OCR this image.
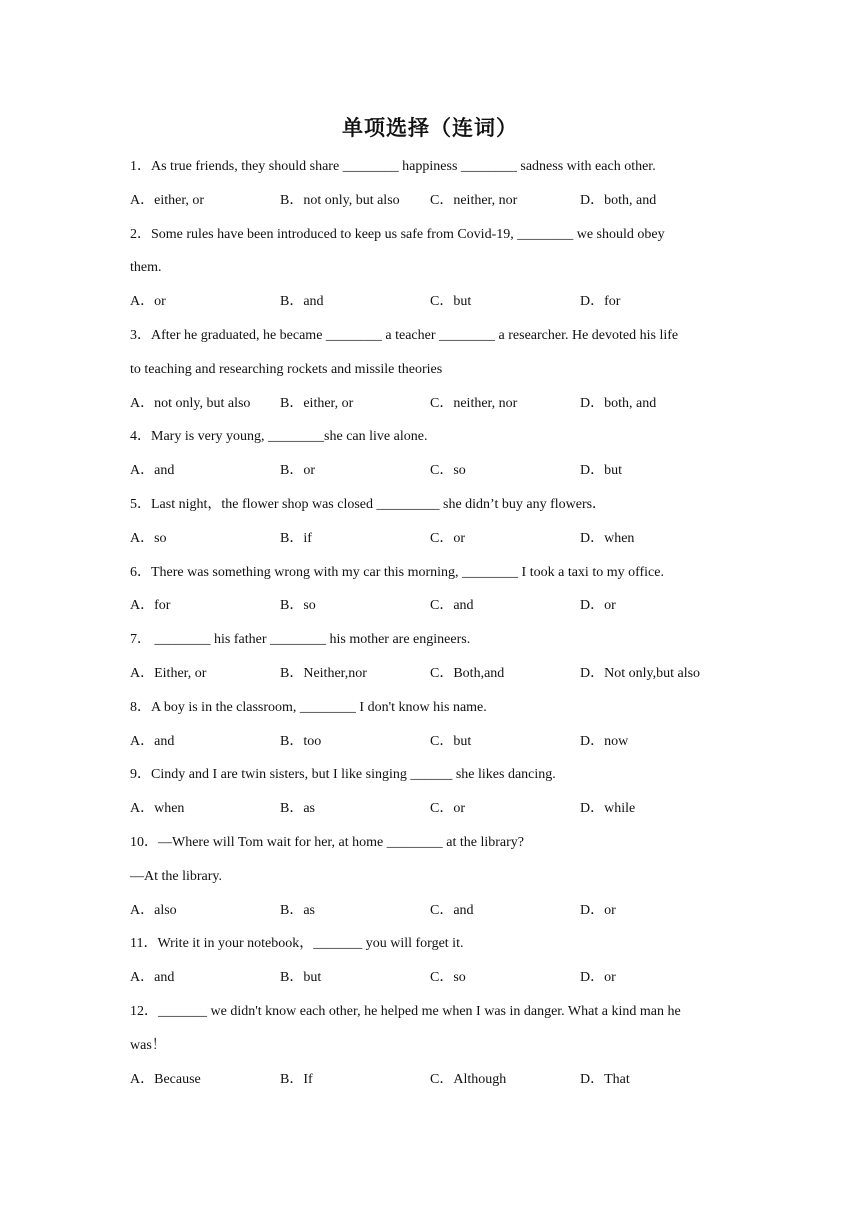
单项选择（连词）
1．As true friends, they should share ________ happiness ________ sadness with each other.
A．either, or	B．not only, but also C．neither, nor	D．both, and
2．Some rules have been introduced to keep us safe from Covid-19, ________ we should obey
them.
A．or	B．and	C．but	D．for
3．After he graduated, he became ________ a teacher ________ a researcher. He devoted his life
to teaching and researching rockets and missile theories
A．not only, but also B．either, or	C．neither, nor	D．both, and
4．Mary is very young, ________she can live alone.
A．and	B．or	C．so	D．but
5．Last night，the flower shop was closed _________ she didn’t buy any flowers．
A．so	B．if	C．or	D．when
6．There was something wrong with my car this morning, ________ I took a taxi to my office.
A．for	B．so	C．and	D．or
7． ________ his father ________ his mother are engineers.
A．Either, or	B．Neither,nor	C．Both,and	D．Not only,but also
8．A boy is in the classroom, ________ I don't know his name.
A．and	B．too	C．but	D．now
9．Cindy and I are twin sisters, but I like singing ______ she likes dancing.
A．when	B．as	C．or	D．while
10．—Where will Tom wait for her, at home ________ at the library?
—At the library.
A．also	B．as	C．and	D．or
11．Write it in your notebook，_______ you will forget it.
A．and	B．but	C．so	D．or
12．_______ we didn't know each other, he helped me when I was in danger. What a kind man he
was！
A．Because	B．If	C．Although	D．That
